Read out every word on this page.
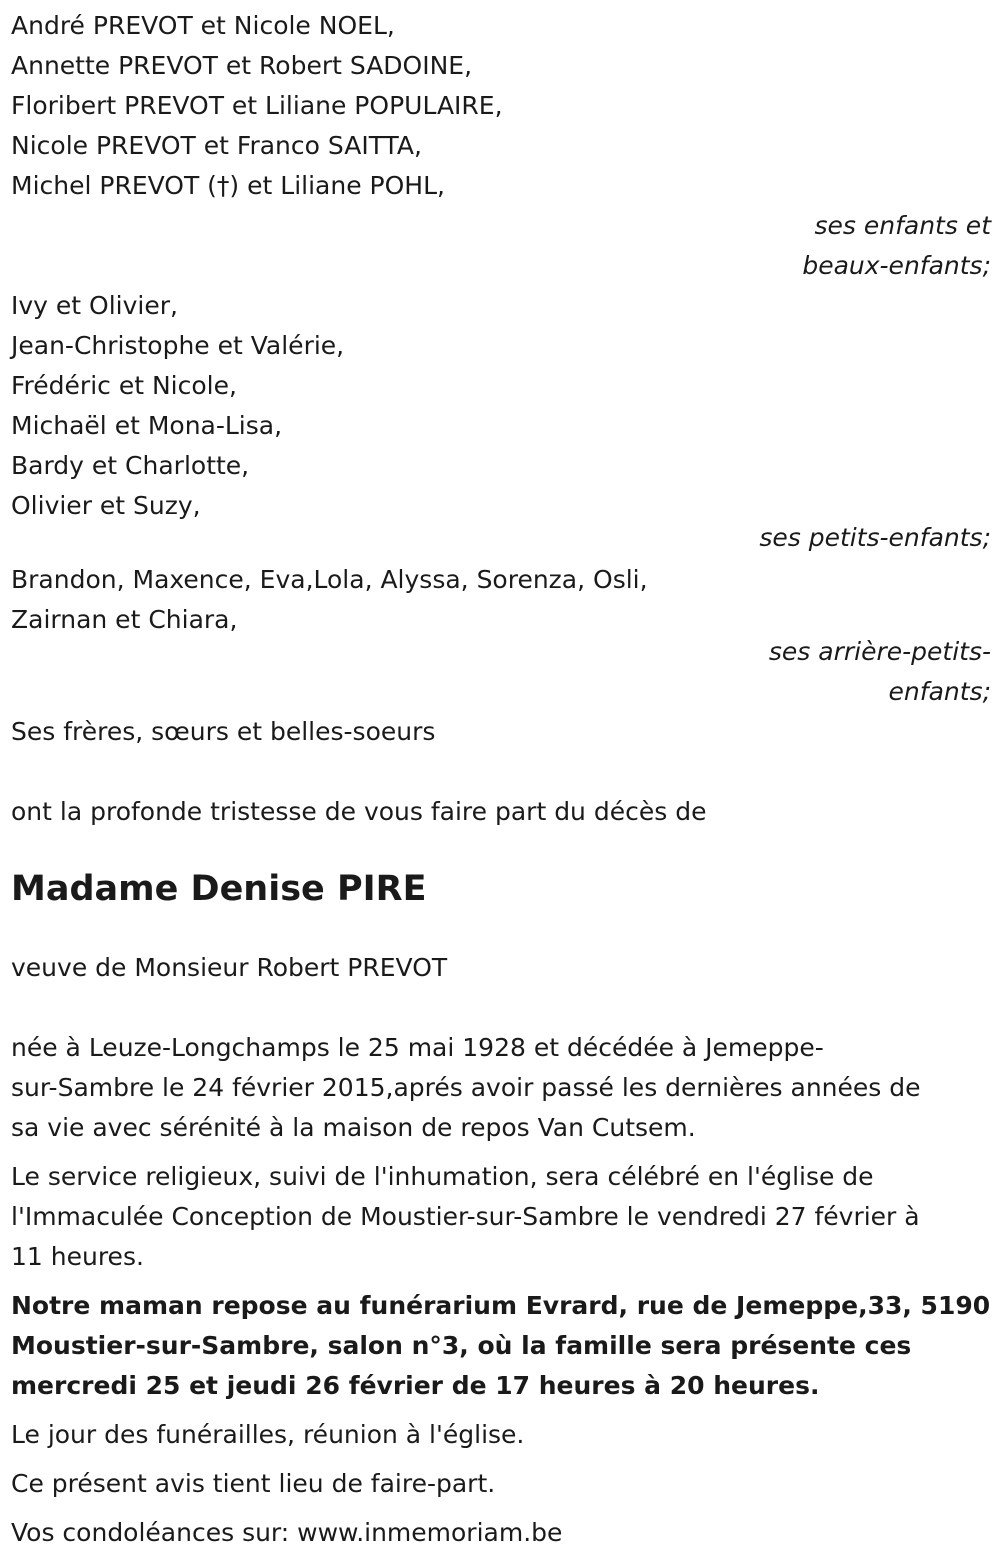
André PREVOT et Nicole NOEL,
Annette PREVOT et Robert SADOINE,
Floribert PREVOT et Liliane POPULAIRE,
Nicole PREVOT et Franco SAITTA,
Michel PREVOT (†) et Liliane POHL,
ses enfants et
beaux-enfants;
Ivy et Olivier,
Jean-Christophe et Valérie,
Frédéric et Nicole,
Michaël et Mona-Lisa,
Bardy et Charlotte,
Olivier et Suzy,
ses petits-enfants;
Brandon, Maxence, Eva,Lola, Alyssa, Sorenza, Osli,
Zairnan et Chiara,
ses arrière-petits-
enfants;
Ses frères, sœurs et belles-soeurs
ont la profonde tristesse de vous faire part du décès de
Madame Denise PIRE
veuve de Monsieur Robert PREVOT
née à Leuze-Longchamps le 25 mai 1928 et décédée à Jemeppe-
sur-Sambre le 24 février 2015,aprés avoir passé les dernières années de
sa vie avec sérénité à la maison de repos Van Cutsem.
Le service religieux, suivi de l'inhumation, sera célébré en l'église de
l'Immaculée Conception de Moustier-sur-Sambre le vendredi 27 février à
11 heures.
Notre maman repose au funérarium Evrard, rue de Jemeppe,33, 5190
Moustier-sur-Sambre, salon n°3, où la famille sera présente ces
mercredi 25 et jeudi 26 février de 17 heures à 20 heures.
Le jour des funérailles, réunion à l'église.
Ce présent avis tient lieu de faire-part.
Vos condoléances sur: www.inmemoriam.be
